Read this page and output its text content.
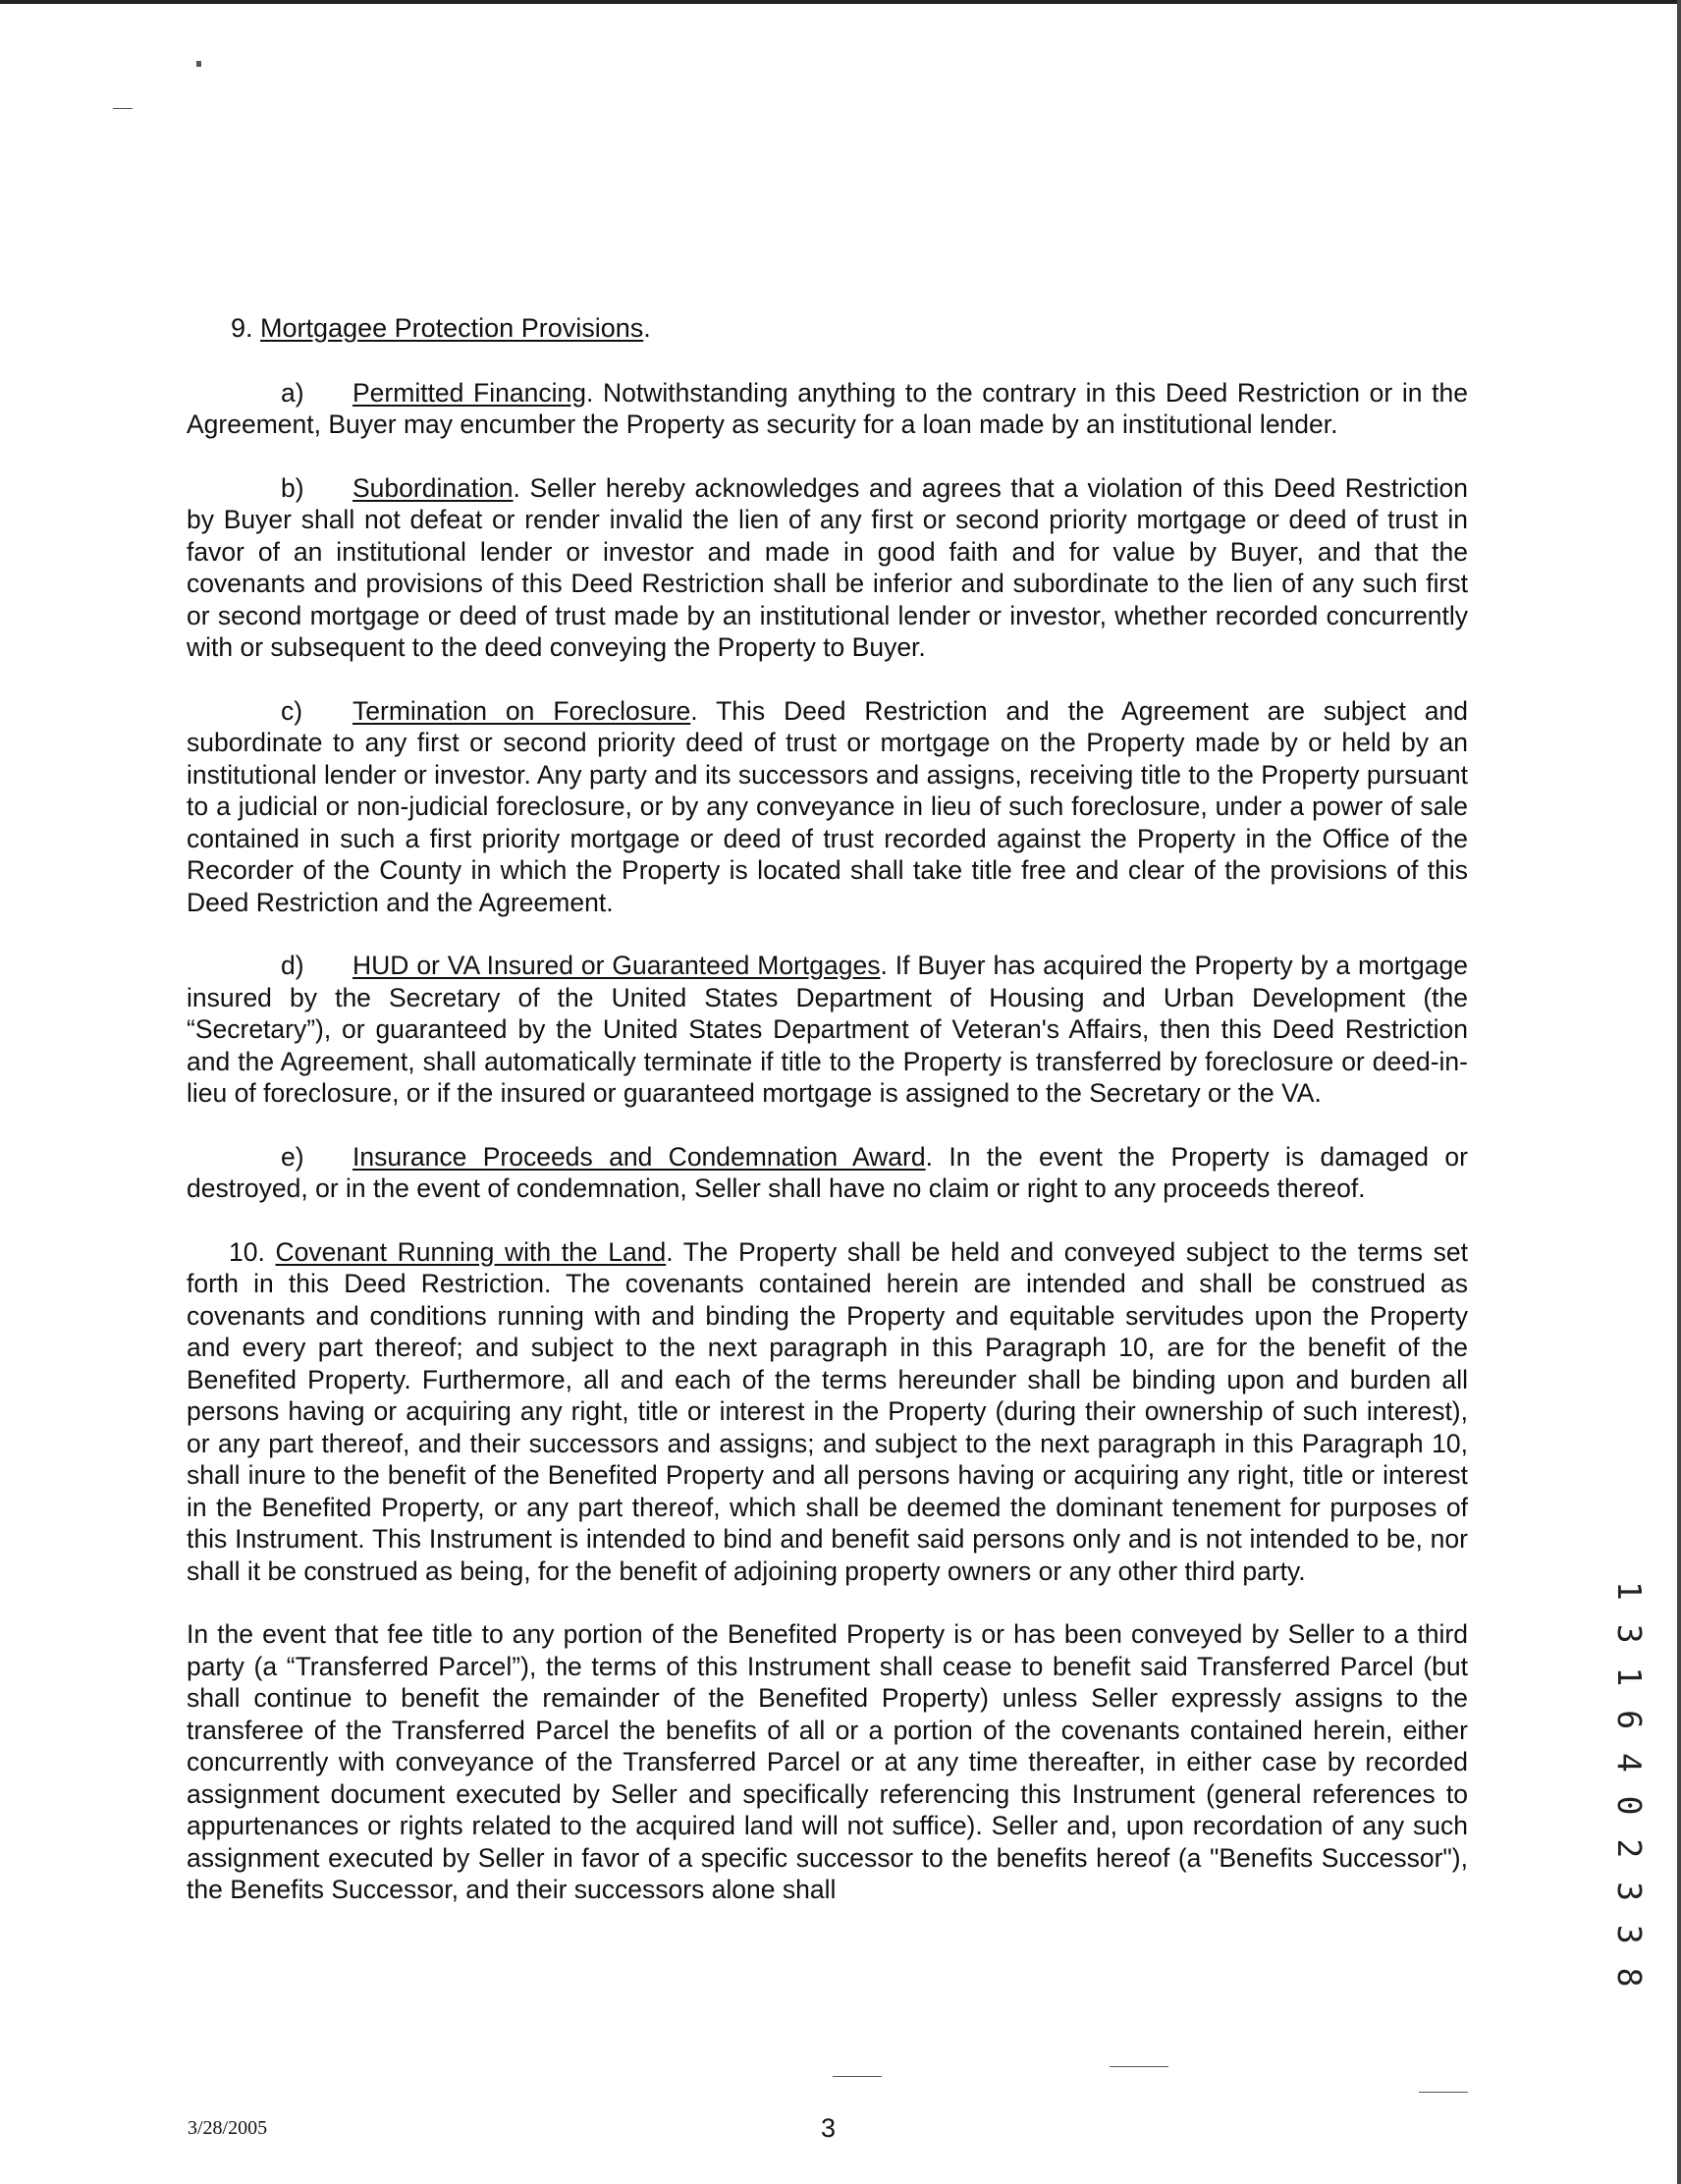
9. Mortgagee Protection Provisions.

a) Permitted Financing. Notwithstanding anything to the contrary in this Deed Restriction or in the Agreement, Buyer may encumber the Property as security for a loan made by an institutional lender.

b) Subordination. Seller hereby acknowledges and agrees that a violation of this Deed Restriction by Buyer shall not defeat or render invalid the lien of any first or second priority mortgage or deed of trust in favor of an institutional lender or investor and made in good faith and for value by Buyer, and that the covenants and provisions of this Deed Restriction shall be inferior and subordinate to the lien of any such first or second mortgage or deed of trust made by an institutional lender or investor, whether recorded concurrently with or subsequent to the deed conveying the Property to Buyer.

c) Termination on Foreclosure. This Deed Restriction and the Agreement are subject and subordinate to any first or second priority deed of trust or mortgage on the Property made by or held by an institutional lender or investor. Any party and its successors and assigns, receiving title to the Property pursuant to a judicial or non-judicial foreclosure, or by any conveyance in lieu of such foreclosure, under a power of sale contained in such a first priority mortgage or deed of trust recorded against the Property in the Office of the Recorder of the County in which the Property is located shall take title free and clear of the provisions of this Deed Restriction and the Agreement.

d) HUD or VA Insured or Guaranteed Mortgages. If Buyer has acquired the Property by a mortgage insured by the Secretary of the United States Department of Housing and Urban Development (the “Secretary”), or guaranteed by the United States Department of Veteran's Affairs, then this Deed Restriction and the Agreement, shall automatically terminate if title to the Property is transferred by foreclosure or deed-in-lieu of foreclosure, or if the insured or guaranteed mortgage is assigned to the Secretary or the VA.

e) Insurance Proceeds and Condemnation Award. In the event the Property is damaged or destroyed, or in the event of condemnation, Seller shall have no claim or right to any proceeds thereof.

10. Covenant Running with the Land. The Property shall be held and conveyed subject to the terms set forth in this Deed Restriction. The covenants contained herein are intended and shall be construed as covenants and conditions running with and binding the Property and equitable servitudes upon the Property and every part thereof; and subject to the next paragraph in this Paragraph 10, are for the benefit of the Benefited Property. Furthermore, all and each of the terms hereunder shall be binding upon and burden all persons having or acquiring any right, title or interest in the Property (during their ownership of such interest), or any part thereof, and their successors and assigns; and subject to the next paragraph in this Paragraph 10, shall inure to the benefit of the Benefited Property and all persons having or acquiring any right, title or interest in the Benefited Property, or any part thereof, which shall be deemed the dominant tenement for purposes of this Instrument. This Instrument is intended to bind and benefit said persons only and is not intended to be, nor shall it be construed as being, for the benefit of adjoining property owners or any other third party.

In the event that fee title to any portion of the Benefited Property is or has been conveyed by Seller to a third party (a “Transferred Parcel”), the terms of this Instrument shall cease to benefit said Transferred Parcel (but shall continue to benefit the remainder of the Benefited Property) unless Seller expressly assigns to the transferee of the Transferred Parcel the benefits of all or a portion of the covenants contained herein, either concurrently with conveyance of the Transferred Parcel or at any time thereafter, in either case by recorded assignment document executed by Seller and specifically referencing this Instrument (general references to appurtenances or rights related to the acquired land will not suffice). Seller and, upon recordation of any such assignment executed by Seller in favor of a specific successor to the benefits hereof (a "Benefits Successor"), the Benefits Successor, and their successors alone shall	1 3 1 6 4 0 2 3 3 8
3/28/2005	3
